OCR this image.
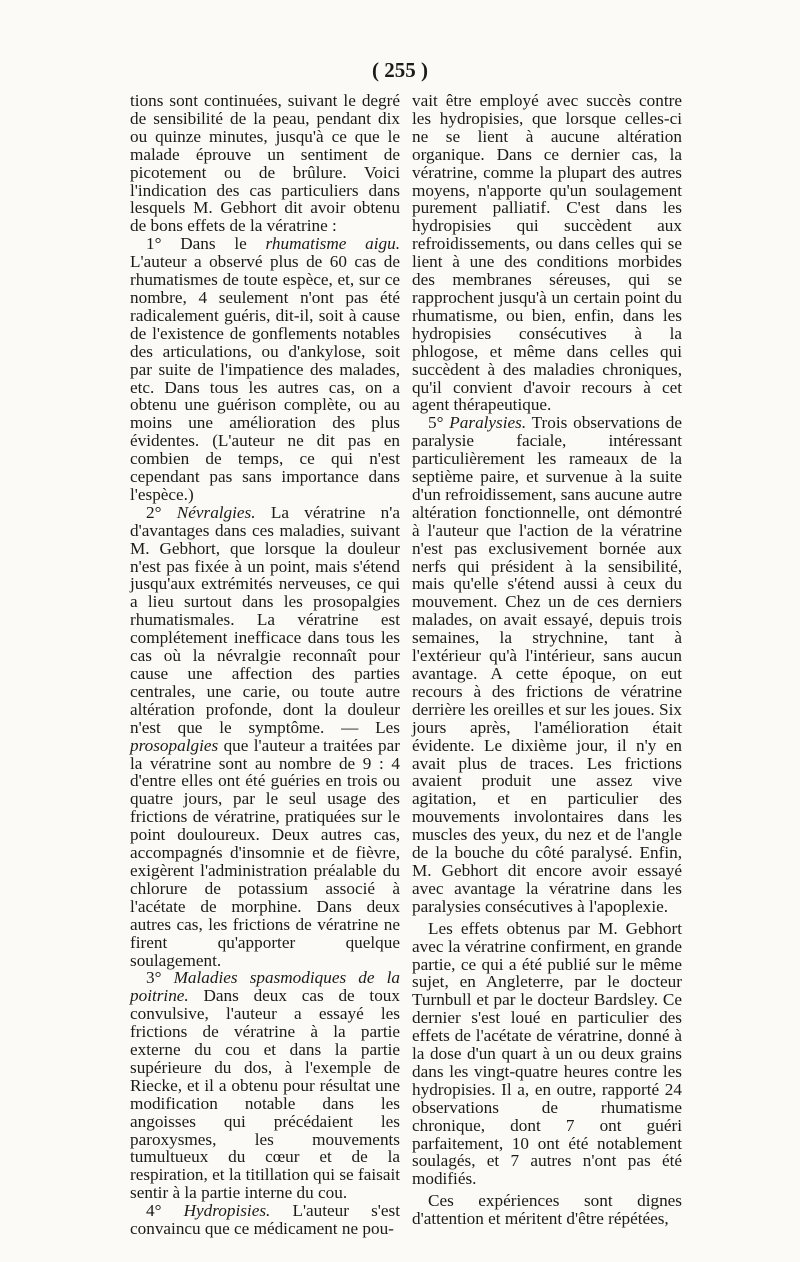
( 255 )

tions sont continuées, suivant le degré de sensibilité de la peau, pendant dix ou quinze minutes, jusqu'à ce que le malade éprouve un sentiment de picotement ou de brûlure. Voici l'indication des cas particuliers dans lesquels M. Gebhort dit avoir obtenu de bons effets de la vératrine :

1° Dans le rhumatisme aigu. L'auteur a observé plus de 60 cas de rhumatismes de toute espèce, et, sur ce nombre, 4 seulement n'ont pas été radicalement guéris, dit-il, soit à cause de l'existence de gonflements notables des articulations, ou d'ankylose, soit par suite de l'impatience des malades, etc. Dans tous les autres cas, on a obtenu une guérison complète, ou au moins une amélioration des plus évidentes. (L'auteur ne dit pas en combien de temps, ce qui n'est cependant pas sans importance dans l'espèce.)

2° Névralgies. La vératrine n'a d'avantages dans ces maladies, suivant M. Gebhort, que lorsque la douleur n'est pas fixée à un point, mais s'étend jusqu'aux extrémités nerveuses, ce qui a lieu surtout dans les prosopalgies rhumatismales. La vératrine est complétement inefficace dans tous les cas où la névralgie reconnaît pour cause une affection des parties centrales, une carie, ou toute autre altération profonde, dont la douleur n'est que le symptôme. — Les prosopalgies que l'auteur a traitées par la vératrine sont au nombre de 9 : 4 d'entre elles ont été guéries en trois ou quatre jours, par le seul usage des frictions de vératrine, pratiquées sur le point douloureux. Deux autres cas, accompagnés d'insomnie et de fièvre, exigèrent l'administration préalable du chlorure de potassium associé à l'acétate de morphine. Dans deux autres cas, les frictions de vératrine ne firent qu'apporter quelque soulagement.

3° Maladies spasmodiques de la poitrine. Dans deux cas de toux convulsive, l'auteur a essayé les frictions de vératrine à la partie externe du cou et dans la partie supérieure du dos, à l'exemple de Riecke, et il a obtenu pour résultat une modification notable dans les angoisses qui précédaient les paroxysmes, les mouvements tumultueux du cœur et de la respiration, et la titillation qui se faisait sentir à la partie interne du cou.

4° Hydropisies. L'auteur s'est convaincu que ce médicament ne pou-

vait être employé avec succès contre les hydropisies, que lorsque celles-ci ne se lient à aucune altération organique. Dans ce dernier cas, la vératrine, comme la plupart des autres moyens, n'apporte qu'un soulagement purement palliatif. C'est dans les hydropisies qui succèdent aux refroidissements, ou dans celles qui se lient à une des conditions morbides des membranes séreuses, qui se rapprochent jusqu'à un certain point du rhumatisme, ou bien, enfin, dans les hydropisies consécutives à la phlogose, et même dans celles qui succèdent à des maladies chroniques, qu'il convient d'avoir recours à cet agent thérapeutique.

5° Paralysies. Trois observations de paralysie faciale, intéressant particulièrement les rameaux de la septième paire, et survenue à la suite d'un refroidissement, sans aucune autre altération fonctionnelle, ont démontré à l'auteur que l'action de la vératrine n'est pas exclusivement bornée aux nerfs qui président à la sensibilité, mais qu'elle s'étend aussi à ceux du mouvement. Chez un de ces derniers malades, on avait essayé, depuis trois semaines, la strychnine, tant à l'extérieur qu'à l'intérieur, sans aucun avantage. A cette époque, on eut recours à des frictions de vératrine derrière les oreilles et sur les joues. Six jours après, l'amélioration était évidente. Le dixième jour, il n'y en avait plus de traces. Les frictions avaient produit une assez vive agitation, et en particulier des mouvements involontaires dans les muscles des yeux, du nez et de l'angle de la bouche du côté paralysé. Enfin, M. Gebhort dit encore avoir essayé avec avantage la vératrine dans les paralysies consécutives à l'apoplexie.

Les effets obtenus par M. Gebhort avec la vératrine confirment, en grande partie, ce qui a été publié sur le même sujet, en Angleterre, par le docteur Turnbull et par le docteur Bardsley. Ce dernier s'est loué en particulier des effets de l'acétate de vératrine, donné à la dose d'un quart à un ou deux grains dans les vingt-quatre heures contre les hydropisies. Il a, en outre, rapporté 24 observations de rhumatisme chronique, dont 7 ont guéri parfaitement, 10 ont été notablement soulagés, et 7 autres n'ont pas été modifiés.

Ces expériences sont dignes d'attention et méritent d'être répétées,
